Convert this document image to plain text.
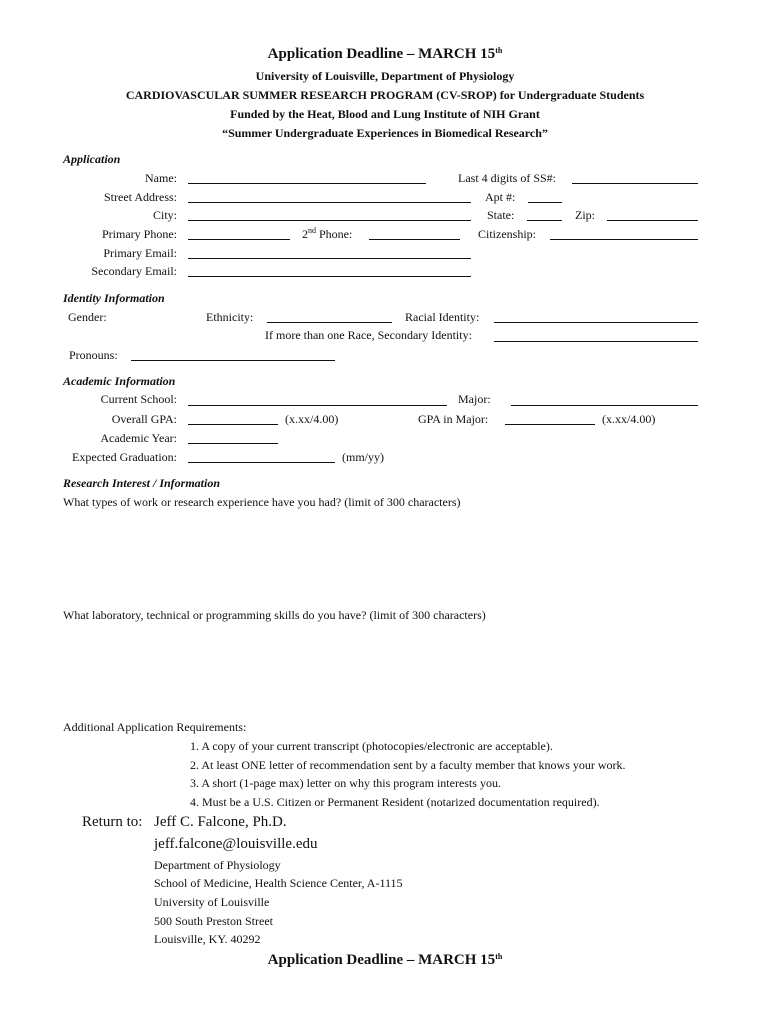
Application Deadline – MARCH 15th
University of Louisville, Department of Physiology
CARDIOVASCULAR SUMMER RESEARCH PROGRAM (CV-SROP) for Undergraduate Students
Funded by the Heat, Blood and Lung Institute of NIH Grant
“Summer Undergraduate Experiences in Biomedical Research”
Application
Name:	Last 4 digits of SS#:
Street Address:	Apt #:
City:	State:	Zip:
Primary Phone:	2nd Phone:	Citizenship:
Primary Email:
Secondary Email:
Identity Information
Gender:	Ethnicity:	Racial Identity:
If more than one Race, Secondary Identity:
Pronouns:
Academic Information
Current School:	Major:
Overall GPA:	(x.xx/4.00)	GPA in Major:	(x.xx/4.00)
Academic Year:
Expected Graduation:	(mm/yy)
Research Interest / Information
What types of work or research experience have you had? (limit of 300 characters)
What laboratory, technical or programming skills do you have? (limit of 300 characters)
Additional Application Requirements:
1. A copy of your current transcript (photocopies/electronic are acceptable).
2. At least ONE letter of recommendation sent by a faculty member that knows your work.
3. A short (1-page max) letter on why this program interests you.
4. Must be a U.S. Citizen or Permanent Resident (notarized documentation required).
Return to: Jeff C. Falcone, Ph.D.
jeff.falcone@louisville.edu
Department of Physiology
School of Medicine, Health Science Center, A-1115
University of Louisville
500 South Preston Street
Louisville, KY. 40292
Application Deadline – MARCH 15th
